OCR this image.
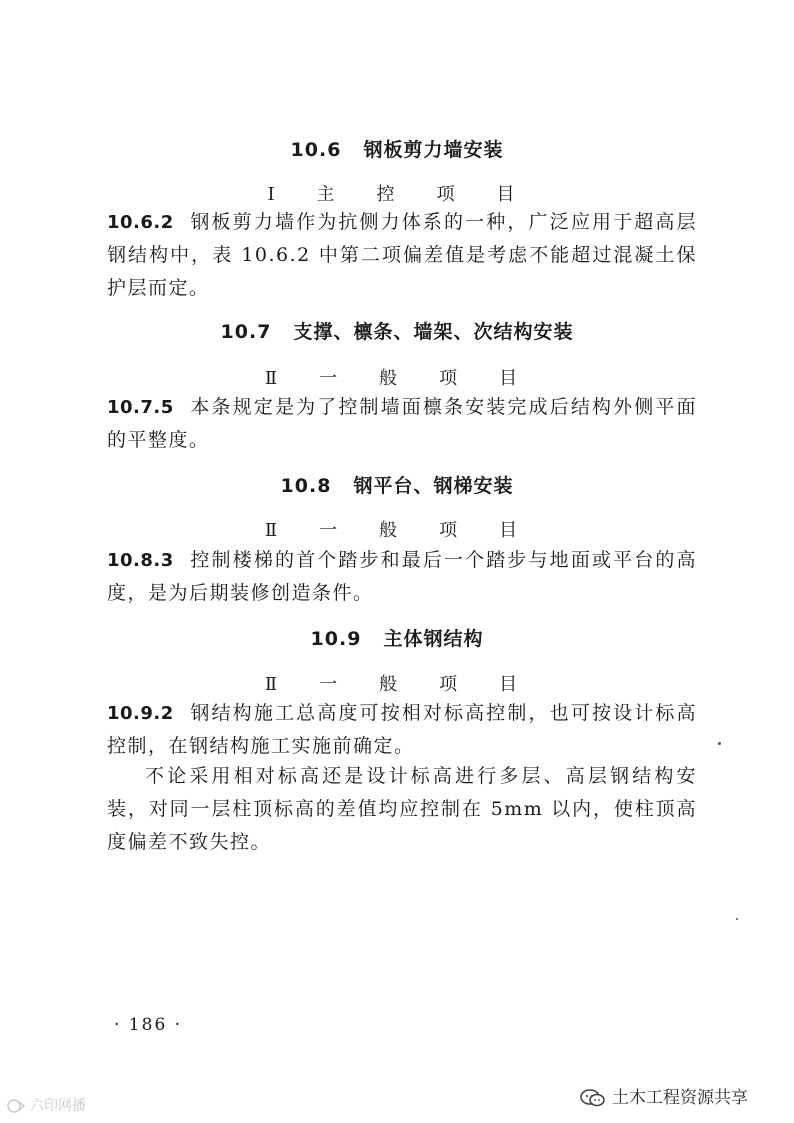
10.6 钢板剪力墙安装
Ⅰ　主　控　项　目

10.6.2 钢板剪力墙作为抗侧力体系的一种，广泛应用于超高层钢结构中，表 10.6.2 中第二项偏差值是考虑不能超过混凝土保护层而定。

10.7 支撑、檩条、墙架、次结构安装
Ⅱ　一　般　项　目

10.7.5 本条规定是为了控制墙面檩条安装完成后结构外侧平面的平整度。

10.8 钢平台、钢梯安装
Ⅱ　一　般　项　目

10.8.3 控制楼梯的首个踏步和最后一个踏步与地面或平台的高度，是为后期装修创造条件。

10.9 主体钢结构
Ⅱ　一　般　项　目

10.9.2 钢结构施工总高度可按相对标高控制，也可按设计标高控制，在钢结构施工实施前确定。

不论采用相对标高还是设计标高进行多层、高层钢结构安装，对同一层柱顶标高的差值均应控制在 5mm 以内，使柱顶高度偏差不致失控。

· 186 ·
土木工程资源共享
六印网播
